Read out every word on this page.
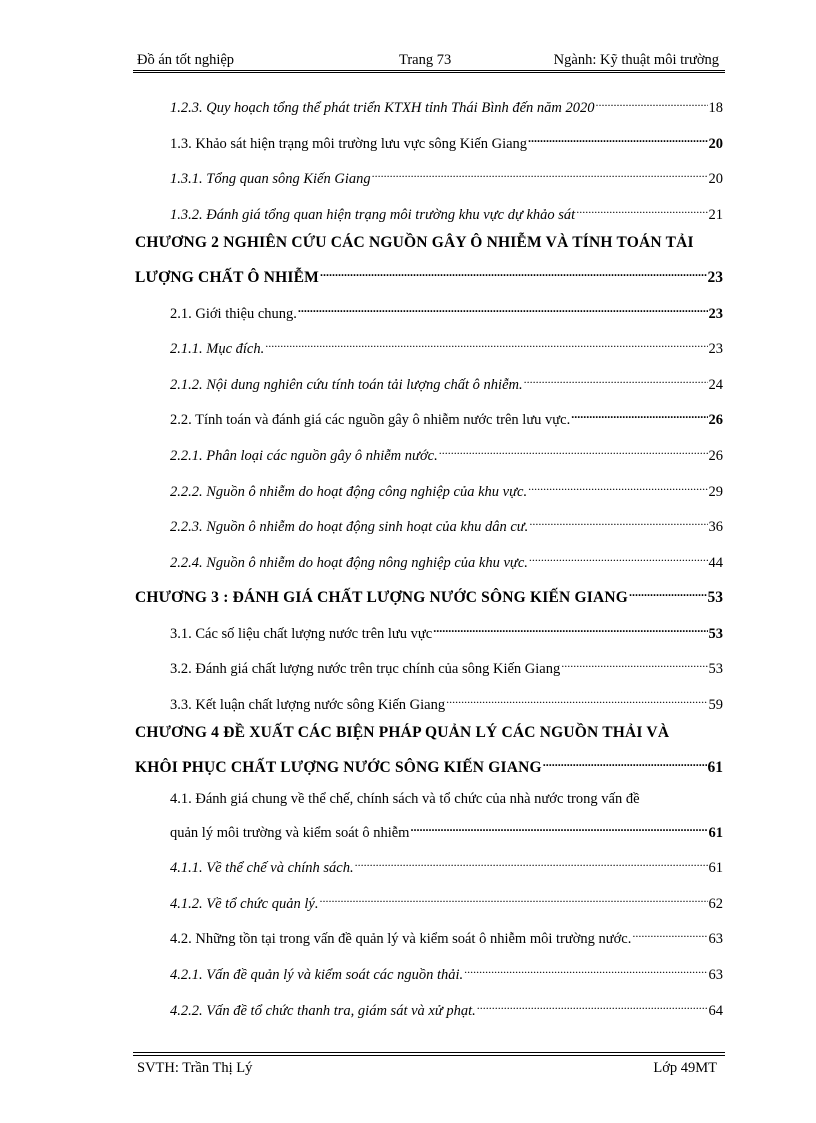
Đồ án tốt nghiệp	Trang 73	Ngành: Kỹ thuật môi trường
1.2.3. Quy hoạch tổng thể phát triển KTXH tỉnh Thái Bình đến năm 2020 .....	18
1.3. Khảo sát hiện trạng môi trường lưu vực sông Kiến Giang .....	20
1.3.1. Tổng quan sông Kiến Giang .....	20
1.3.2. Đánh giá tổng quan hiện trạng môi trường khu vực dự khảo sát .....	21
CHƯƠNG 2 NGHIÊN CỨU CÁC NGUỒN GÂY Ô NHIỄM VÀ TÍNH TOÁN TẢI
LƯỢNG CHẤT Ô NHIỄM .....	23
2.1. Giới thiệu chung. .....	23
2.1.1. Mục đích. .....	23
2.1.2. Nội dung nghiên cứu tính toán tải lượng chất ô nhiễm. .....	24
2.2. Tính toán và đánh giá các nguồn gây ô nhiễm nước trên lưu vực. .....	26
2.2.1. Phân loại các nguồn gây ô nhiễm nước. .....	26
2.2.2. Nguồn ô nhiễm do hoạt động công nghiệp của khu vực. .....	29
2.2.3. Nguồn ô nhiễm do hoạt động sinh hoạt của khu dân cư. .....	36
2.2.4. Nguồn ô nhiễm do hoạt động nông nghiệp của khu vực. .....	44
CHƯƠNG 3 : ĐÁNH GIÁ CHẤT LƯỢNG NƯỚC SÔNG KIẾN GIANG .....	53
3.1. Các số liệu chất lượng nước trên lưu vực .....	53
3.2. Đánh giá chất lượng nước trên trục chính của sông Kiến Giang .....	53
3.3. Kết luận chất lượng nước sông Kiến Giang .....	59
CHƯƠNG 4 ĐỀ XUẤT CÁC BIỆN PHÁP QUẢN LÝ CÁC NGUỒN THẢI VÀ
KHÔI PHỤC CHẤT LƯỢNG NƯỚC SÔNG KIẾN GIANG .....	61
4.1. Đánh giá chung về thể chế, chính sách và tổ chức của nhà nước trong vấn đề
quản lý môi trường và kiểm soát ô nhiễm .....	61
4.1.1. Về thể chế và chính sách. .....	61
4.1.2. Về tổ chức quản lý. .....	62
4.2. Những tồn tại trong vấn đề quản lý và kiểm soát ô nhiễm môi trường nước. .....	63
4.2.1. Vấn đề quản lý và kiểm soát các nguồn thải. .....	63
4.2.2. Vấn đề tổ chức thanh tra, giám sát và xử phạt. .....	64
SVTH: Trần Thị Lý	Lớp 49MT
